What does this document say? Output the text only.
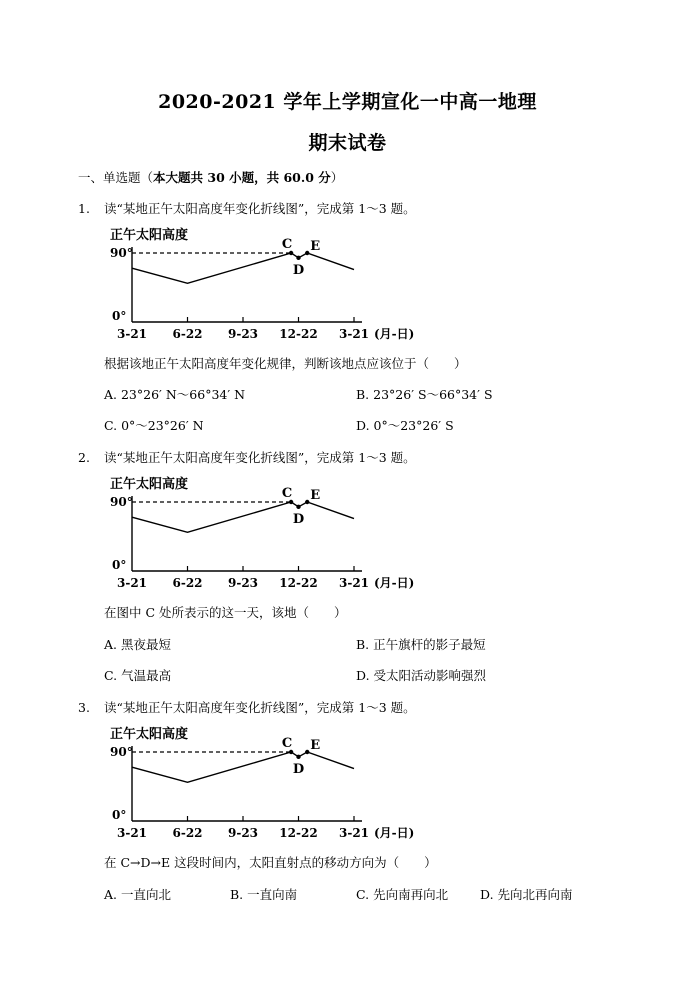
2020-2021 学年上学期宣化一中高一地理
期末试卷
一、单选题（本大题共 30 小题，共 60.0 分）
1. 读“某地正午太阳高度年变化折线图”，完成第 1～3 题。
正午太阳高度
90°
0°
3-21 6-22 9-23 12-22 3-21 (月-日)
C
D
E
根据该地正午太阳高度年变化规律，判断该地点应该位于（　　）
A. 23°26′ N～66°34′ N	B. 23°26′ S～66°34′ S
C. 0°～23°26′ N	D. 0°～23°26′ S
2. 读“某地正午太阳高度年变化折线图”，完成第 1～3 题。
正午太阳高度
90°
0°
3-21 6-22 9-23 12-22 3-21 (月-日)
C
D
E
在图中 C 处所表示的这一天，该地（　　）
A. 黑夜最短	B. 正午旗杆的影子最短
C. 气温最高	D. 受太阳活动影响强烈
3. 读“某地正午太阳高度年变化折线图”，完成第 1～3 题。
正午太阳高度
90°
0°
3-21 6-22 9-23 12-22 3-21 (月-日)
C
D
E
在 C→D→E 这段时间内，太阳直射点的移动方向为（　　）
A. 一直向北	B. 一直向南	C. 先向南再向北	D. 先向北再向南
